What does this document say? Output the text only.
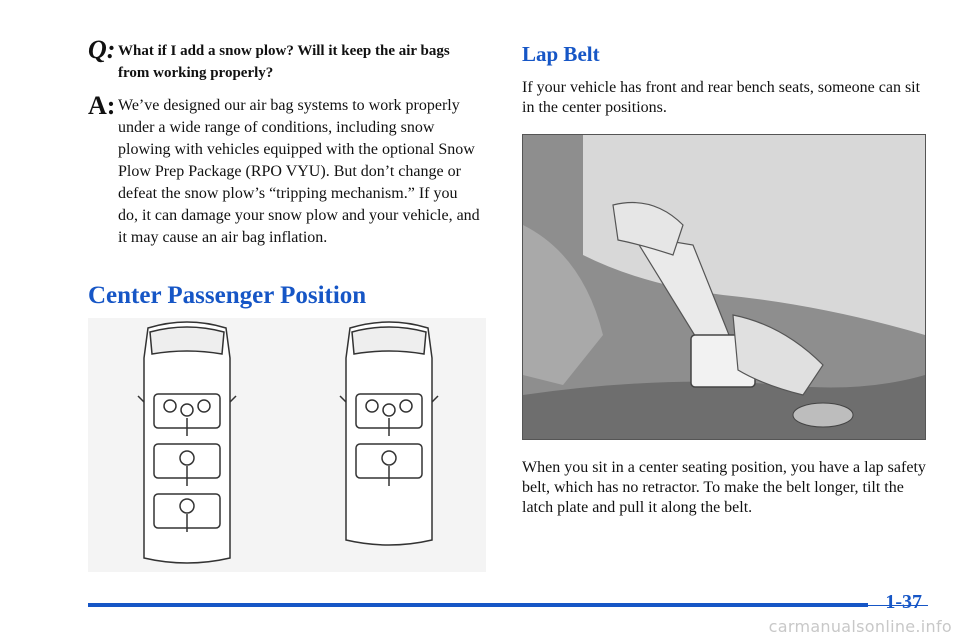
Q: What if I add a snow plow? Will it keep the air bags from working properly?
A: We’ve designed our air bag systems to work properly under a wide range of conditions, including snow plowing with vehicles equipped with the optional Snow Plow Prep Package (RPO VYU). But don’t change or defeat the snow plow’s “tripping mechanism.” If you do, it can damage your snow plow and your vehicle, and it may cause an air bag inflation.
Center Passenger Position
Lap Belt

If your vehicle has front and rear bench seats, someone can sit in the center positions.

When you sit in a center seating position, you have a lap safety belt, which has no retractor. To make the belt longer, tilt the latch plate and pull it along the belt.

1-37
carmanualsonline.info
